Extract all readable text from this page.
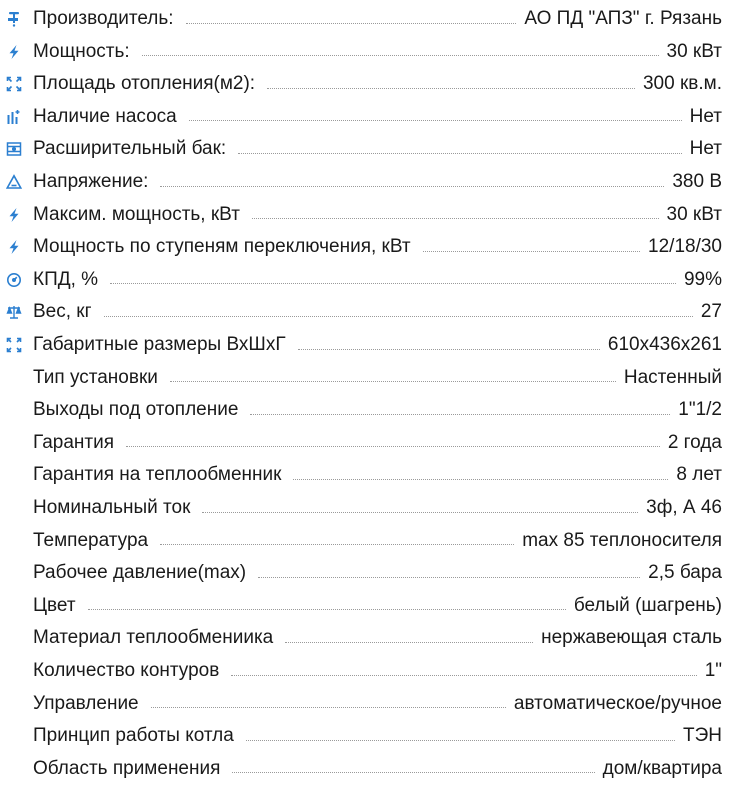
Производитель:	АО ПД "АПЗ" г. Рязань
Мощность:	30 кВт
Площадь отопления(м2):	300 кв.м.
Наличие насоса	Нет
Расширительный бак:	Нет
Напряжение:	380 В
Максим. мощность, кВт	30 кВт
Мощность по ступеням переключения, кВт	12/18/30
КПД, %	99%
Вес, кг	27
Габаритные размеры ВхШхГ	610x436x261
Тип установки	Настенный
Выходы под отопление	1"1/2
Гарантия	2 года
Гарантия на теплообменник	8 лет
Номинальный ток	3ф, А 46
Температура	max 85 теплоносителя
Рабочее давление(max)	2,5 бара
Цвет	белый (шагрень)
Материал теплообмениика	нержавеющая сталь
Количество контуров	1"
Управление	автоматическое/ручное
Принцип работы котла	ТЭН
Область применения	дом/квартира
